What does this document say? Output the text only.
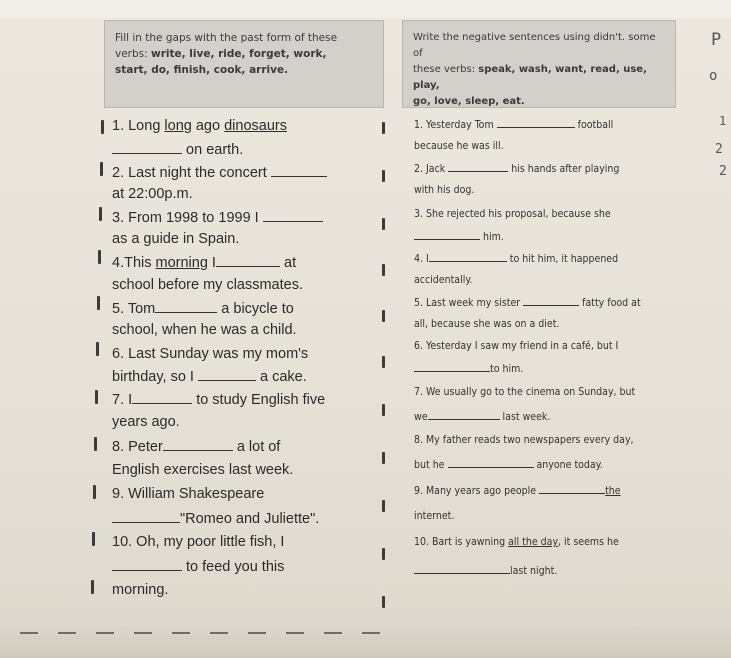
Fill in the gaps with the past form of these
verbs: write, live, ride, forget, work,
start, do, finish, cook, arrive.
Write the negative sentences using didn't. some of
these verbs: speak, wash, want, read, use, play,
go, love, sleep, eat.
P
o
1
2
2
1. Long long ago dinosaurs
on earth.
2. Last night the concert
at 22:00p.m.
3. From 1998 to 1999 I
as a guide in Spain.
4.This morning I	at
school before my classmates.
5. Tom	a bicycle to
school, when he was a child.
6. Last Sunday was my mom's
birthday, so I	a cake.
7. I	to study English five
years ago.
8. Peter	a lot of
English exercises last week.
9. William Shakespeare
"Romeo and Juliette".
10. Oh, my poor little fish, I
to feed you this
morning.
1. Yesterday Tom	football
because he was ill.
2. Jack	his hands after playing
with his dog.
3. She rejected his proposal, because she
him.
4. I	to hit him, it happened
accidentally.
5. Last week my sister	fatty food at
all, because she was on a diet.
6. Yesterday I saw my friend in a café, but I
to him.
7. We usually go to the cinema on Sunday, but
we	last week.
8. My father reads two newspapers every day,
but he	anyone today.
9. Many years ago people	the
internet.
10. Bart is yawning all the day, it seems he
last night.
